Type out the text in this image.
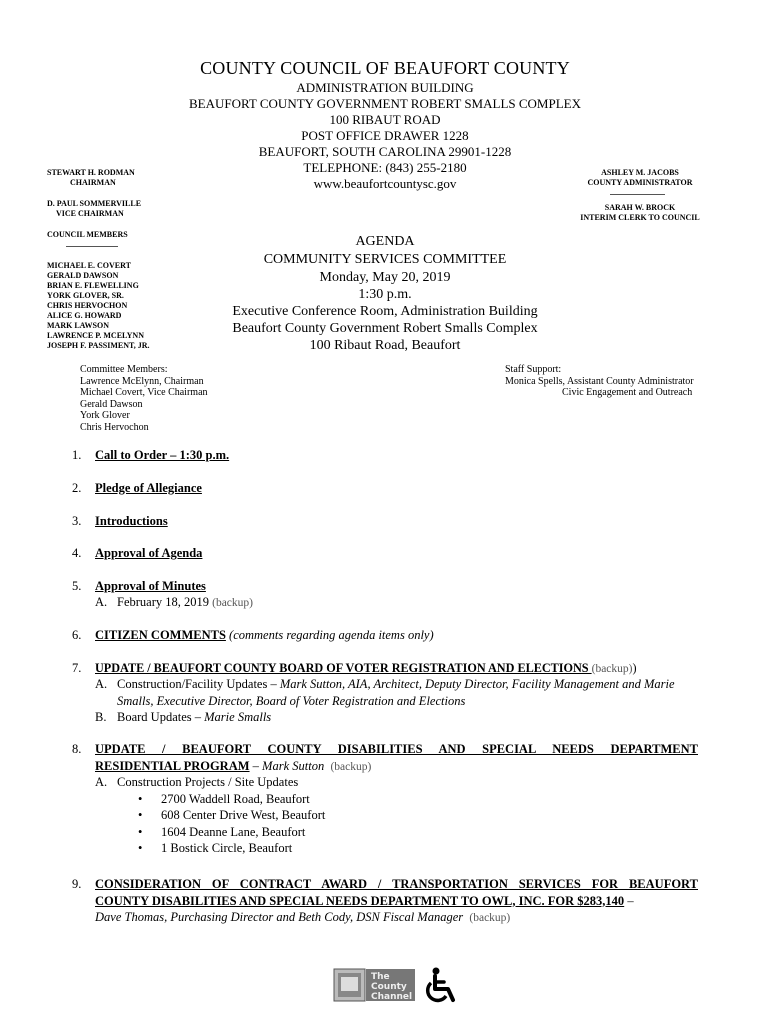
COUNTY COUNCIL OF BEAUFORT COUNTY
ADMINISTRATION BUILDING
BEAUFORT COUNTY GOVERNMENT ROBERT SMALLS COMPLEX
100 RIBAUT ROAD
POST OFFICE DRAWER 1228
BEAUFORT, SOUTH CAROLINA 29901-1228
TELEPHONE: (843) 255-2180
www.beaufortcountysc.gov
STEWART H. RODMAN
CHAIRMAN
D. PAUL SOMMERVILLE
VICE CHAIRMAN
COUNCIL MEMBERS
MICHAEL E. COVERT
GERALD DAWSON
BRIAN E. FLEWELLING
YORK GLOVER, SR.
CHRIS HERVOCHON
ALICE G. HOWARD
MARK LAWSON
LAWRENCE P. MCELYNN
JOSEPH F. PASSIMENT, JR.
ASHLEY M. JACOBS
COUNTY ADMINISTRATOR
SARAH W. BROCK
INTERIM CLERK TO COUNCIL
AGENDA
COMMUNITY SERVICES COMMITTEE
Monday, May 20, 2019
1:30 p.m.
Executive Conference Room, Administration Building
Beaufort County Government Robert Smalls Complex
100 Ribaut Road, Beaufort
Committee Members:
Lawrence McElynn, Chairman
Michael Covert, Vice Chairman
Gerald Dawson
York Glover
Chris Hervochon
Staff Support:
Monica Spells, Assistant County Administrator
Civic Engagement and Outreach
1. Call to Order – 1:30 p.m.
2. Pledge of Allegiance
3. Introductions
4. Approval of Agenda
5. Approval of Minutes
A. February 18, 2019 (backup)
6. CITIZEN COMMENTS (comments regarding agenda items only)
7. UPDATE / BEAUFORT COUNTY BOARD OF VOTER REGISTRATION AND ELECTIONS (backup))
A. Construction/Facility Updates – Mark Sutton, AIA, Architect, Deputy Director, Facility Management and Marie Smalls, Executive Director, Board of Voter Registration and Elections
B. Board Updates – Marie Smalls
8. UPDATE / BEAUFORT COUNTY DISABILITIES AND SPECIAL NEEDS DEPARTMENT
RESIDENTIAL PROGRAM – Mark Sutton (backup)
A. Construction Projects / Site Updates
• 2700 Waddell Road, Beaufort
• 608 Center Drive West, Beaufort
• 1604 Deanne Lane, Beaufort
• 1 Bostick Circle, Beaufort
9. CONSIDERATION OF CONTRACT AWARD / TRANSPORTATION SERVICES FOR BEAUFORT
COUNTY DISABILITIES AND SPECIAL NEEDS DEPARTMENT TO OWL, INC. FOR $283,140 –
Dave Thomas, Purchasing Director and Beth Cody, DSN Fiscal Manager (backup)
The
County
Channel
